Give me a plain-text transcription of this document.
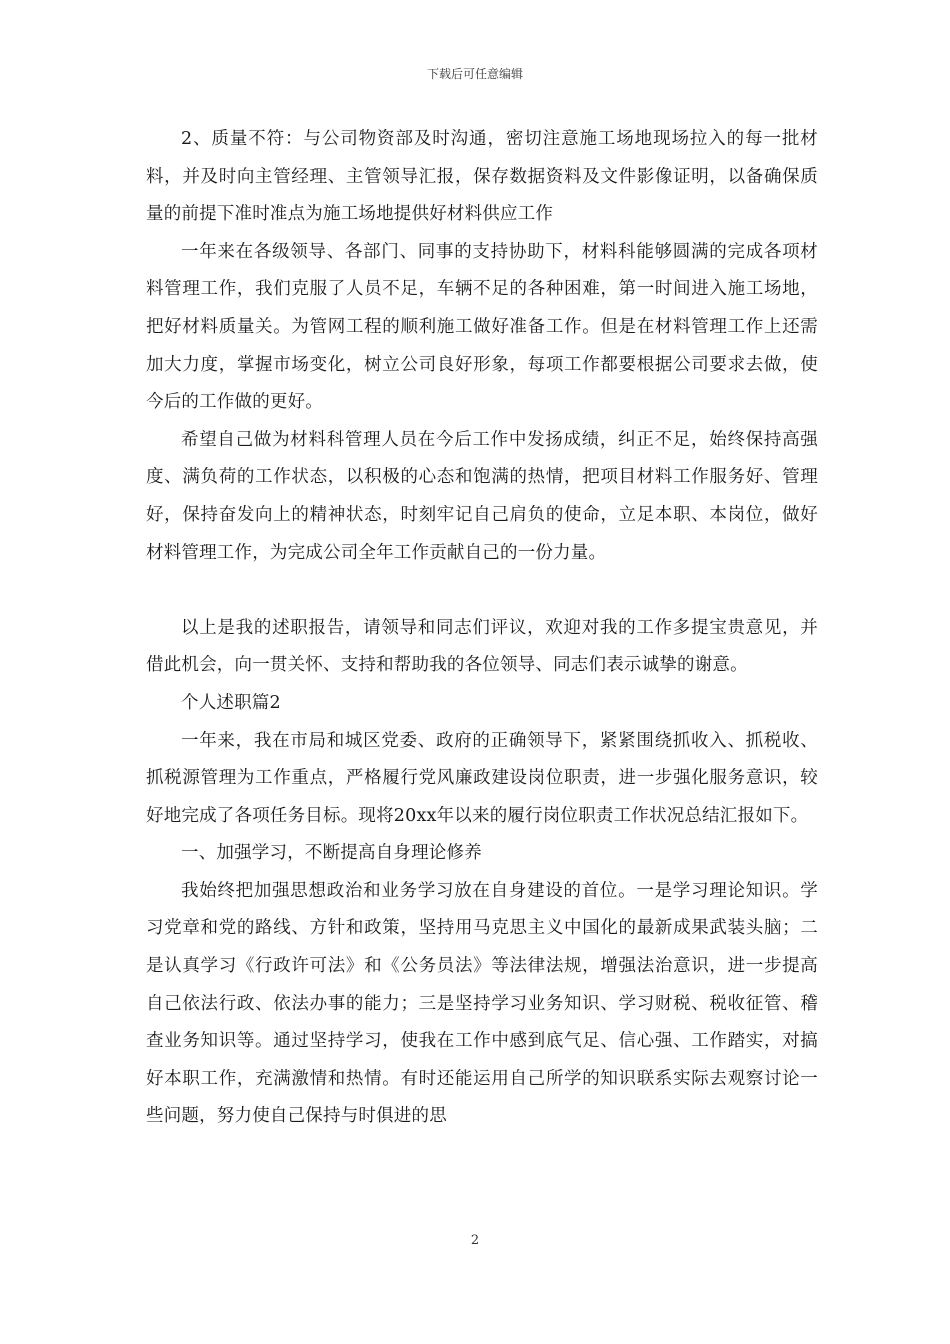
下载后可任意编辑

2、质量不符：与公司物资部及时沟通，密切注意施工场地现场拉入的每一批材料，并及时向主管经理、主管领导汇报，保存数据资料及文件影像证明，以备确保质量的前提下准时准点为施工场地提供好材料供应工作

一年来在各级领导、各部门、同事的支持协助下，材料科能够圆满的完成各项材料管理工作，我们克服了人员不足，车辆不足的各种困难，第一时间进入施工场地，把好材料质量关。为管网工程的顺利施工做好准备工作。但是在材料管理工作上还需加大力度，掌握市场变化，树立公司良好形象，每项工作都要根据公司要求去做，使今后的工作做的更好。

希望自己做为材料科管理人员在今后工作中发扬成绩，纠正不足，始终保持高强度、满负荷的工作状态，以积极的心态和饱满的热情，把项目材料工作服务好、管理好，保持奋发向上的精神状态，时刻牢记自己肩负的使命，立足本职、本岗位，做好材料管理工作，为完成公司全年工作贡献自己的一份力量。

以上是我的述职报告，请领导和同志们评议，欢迎对我的工作多提宝贵意见，并借此机会，向一贯关怀、支持和帮助我的各位领导、同志们表示诚挚的谢意。

个人述职篇2

一年来，我在市局和城区党委、政府的正确领导下，紧紧围绕抓收入、抓税收、抓税源管理为工作重点，严格履行党风廉政建设岗位职责，进一步强化服务意识，较好地完成了各项任务目标。现将20xx年以来的履行岗位职责工作状况总结汇报如下。

一、加强学习，不断提高自身理论修养

我始终把加强思想政治和业务学习放在自身建设的首位。一是学习理论知识。学习党章和党的路线、方针和政策，坚持用马克思主义中国化的最新成果武装头脑；二是认真学习《行政许可法》和《公务员法》等法律法规，增强法治意识，进一步提高自己依法行政、依法办事的能力；三是坚持学习业务知识、学习财税、税收征管、稽查业务知识等。通过坚持学习，使我在工作中感到底气足、信心强、工作踏实，对搞好本职工作，充满激情和热情。有时还能运用自己所学的知识联系实际去观察讨论一些问题，努力使自己保持与时俱进的思

2
